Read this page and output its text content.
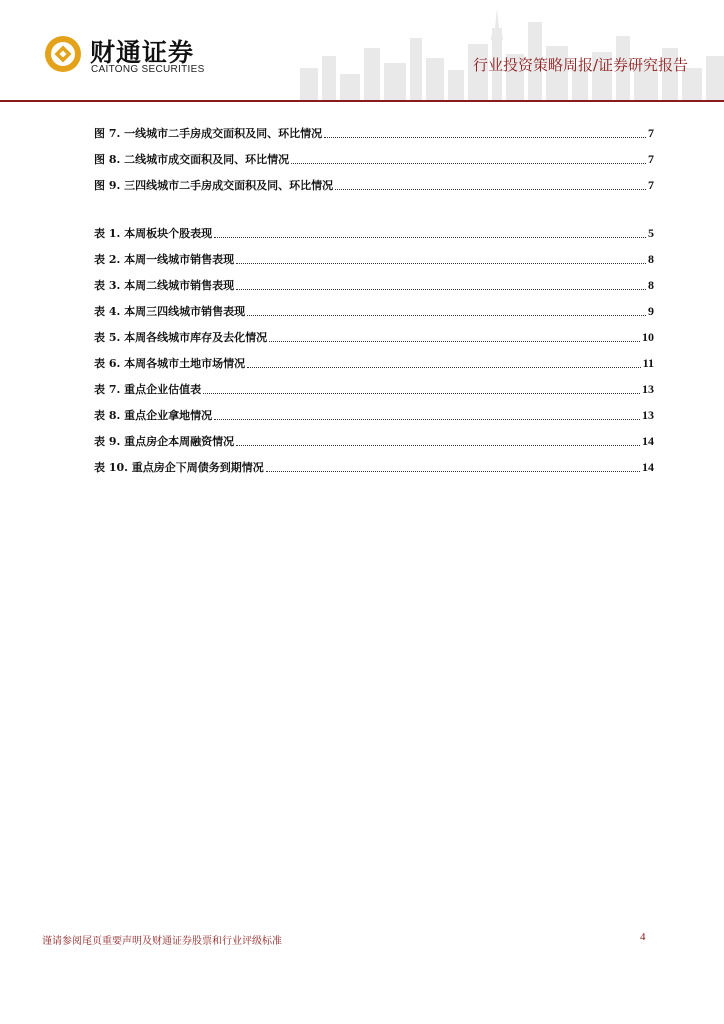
财通证券
CAITONG SECURITIES	行业投资策略周报/证券研究报告
图 7. 一线城市二手房成交面积及同、环比情况	7
图 8. 二线城市成交面积及同、环比情况	7
图 9. 三四线城市二手房成交面积及同、环比情况	7
表 1. 本周板块个股表现	5
表 2. 本周一线城市销售表现	8
表 3. 本周二线城市销售表现	8
表 4. 本周三四线城市销售表现	9
表 5. 本周各线城市库存及去化情况	10
表 6. 本周各城市土地市场情况	11
表 7. 重点企业估值表	13
表 8. 重点企业拿地情况	13
表 9. 重点房企本周融资情况	14
表 10. 重点房企下周债务到期情况	14
谨请参阅尾页重要声明及财通证券股票和行业评级标准	4
